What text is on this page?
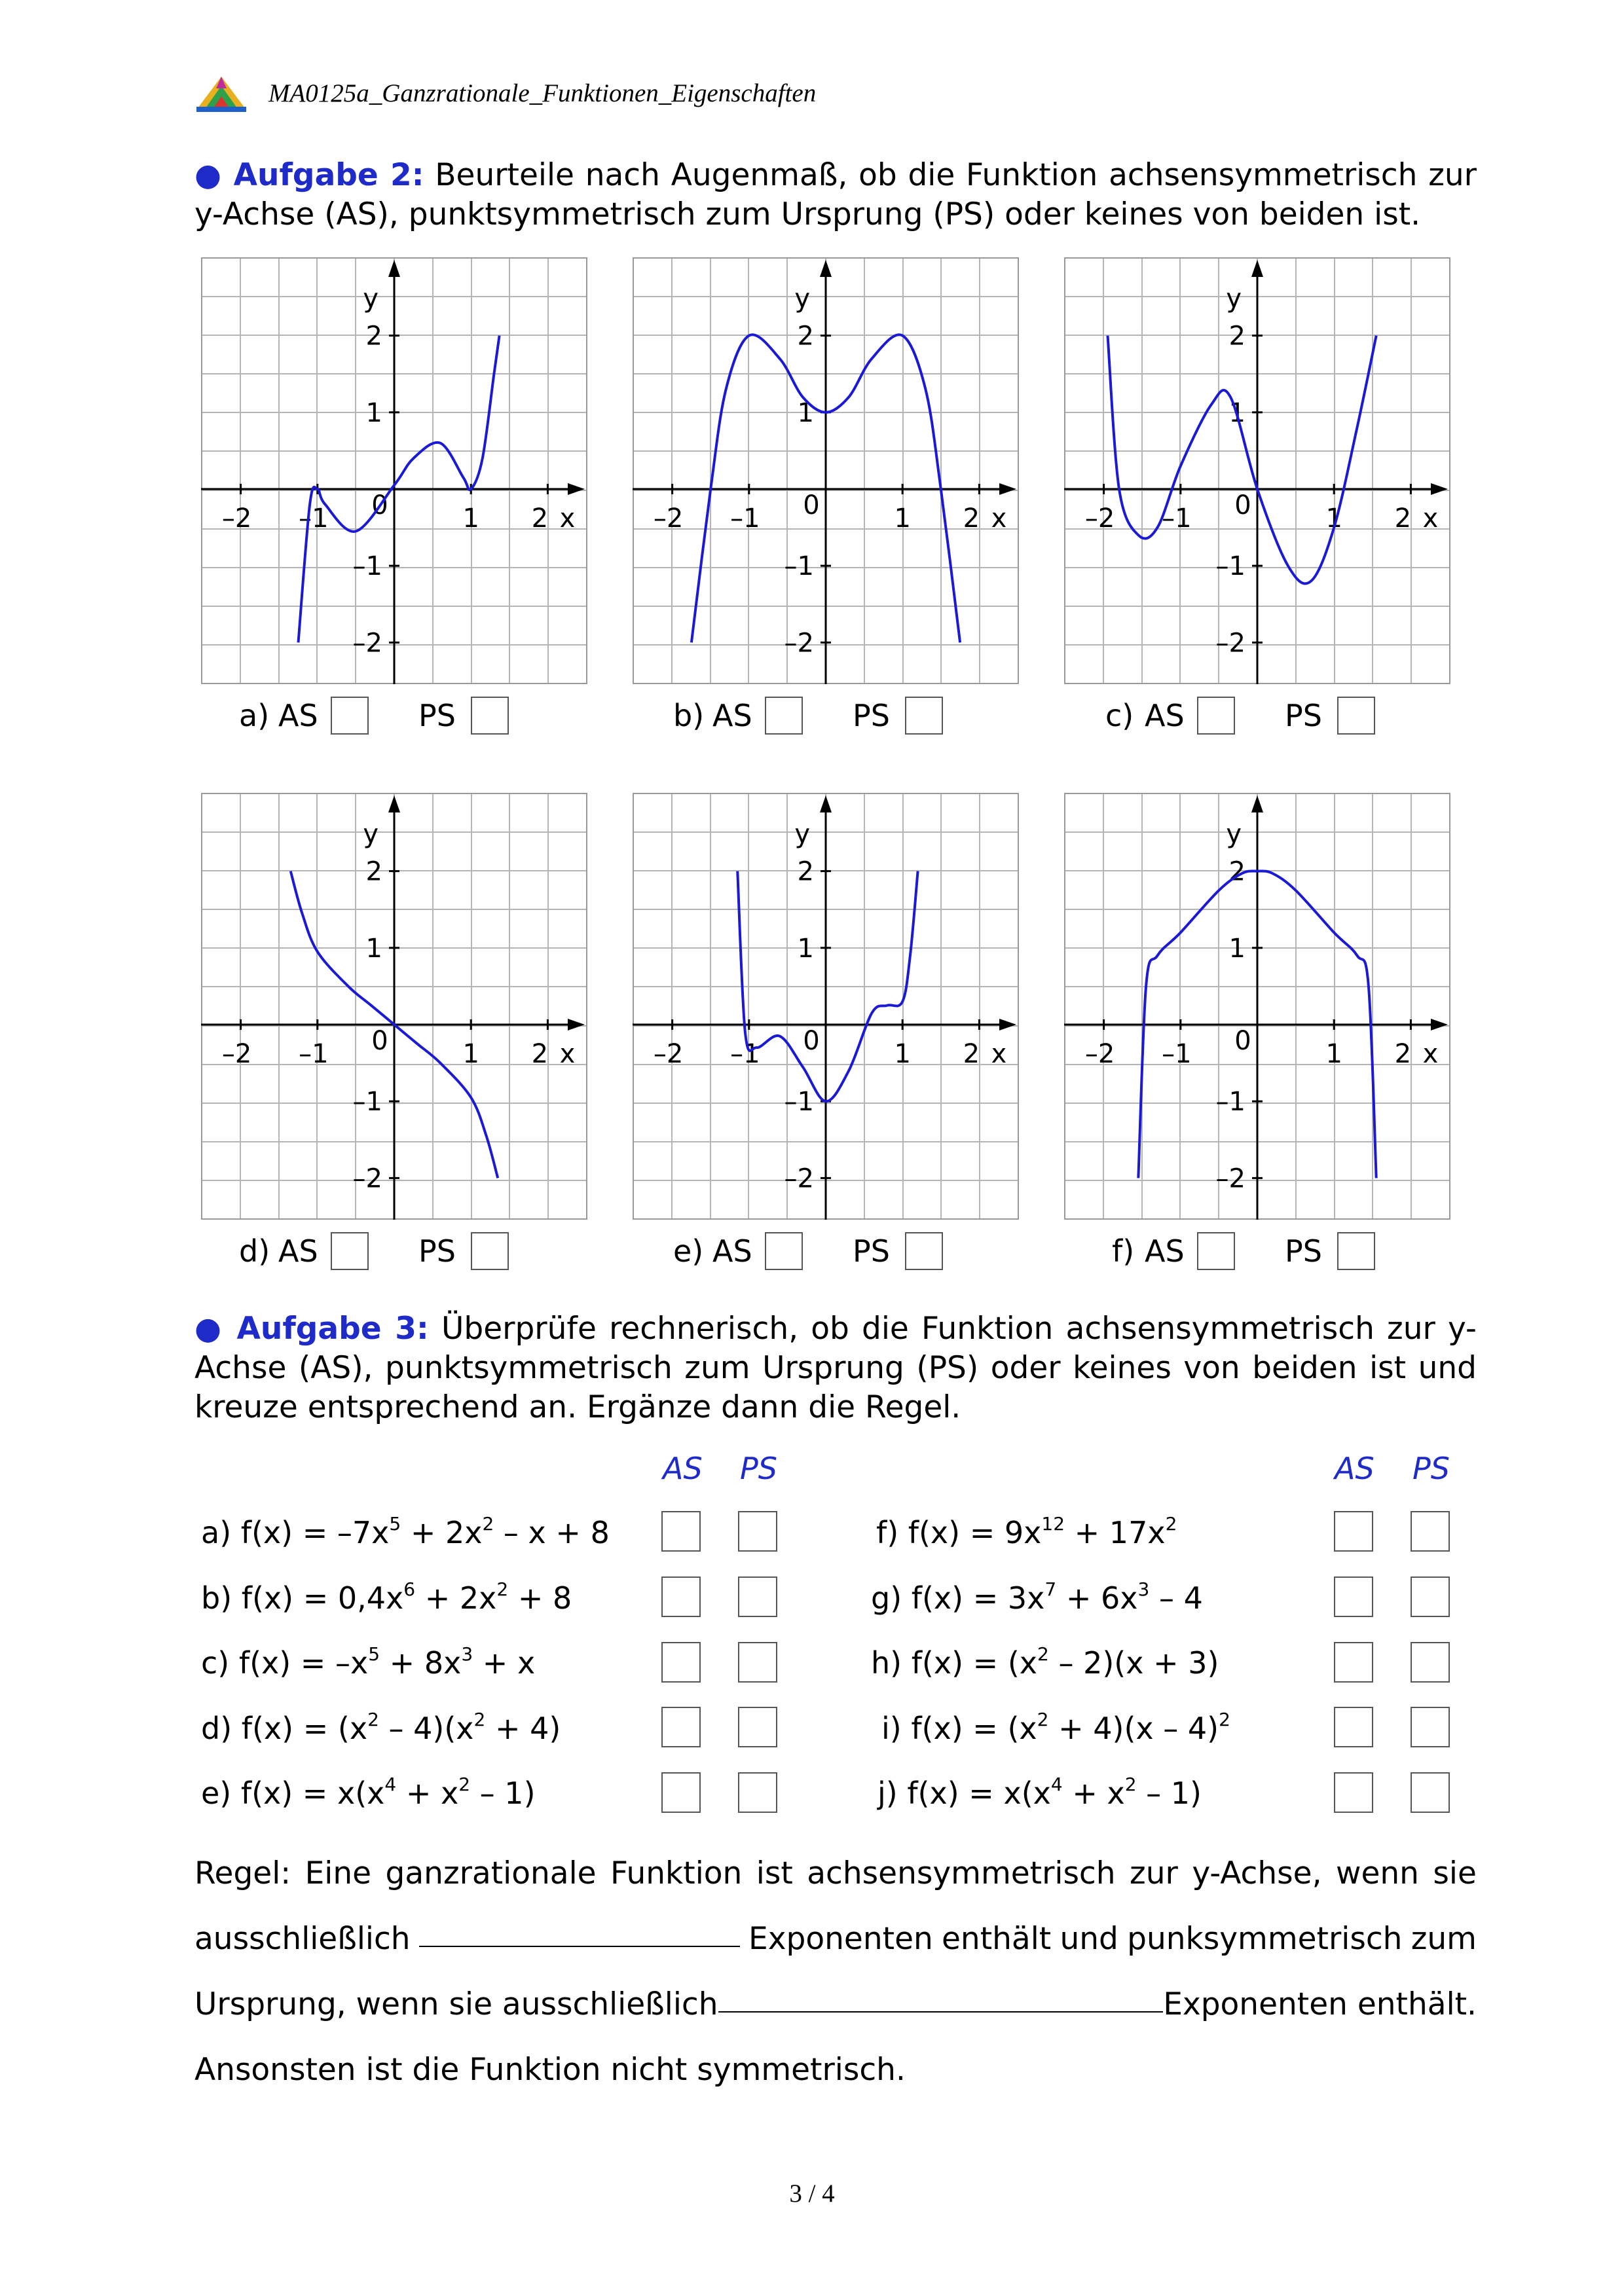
MA0125a_Ganzrationale_Funktionen_Eigenschaften
● Aufgabe 2: Beurteile nach Augenmaß, ob die Funktion achsensymmetrisch zur y-Achse (AS), punktsymmetrisch zum Ursprung (PS) oder keines von beiden ist.
–2 –1 0	1 2 x
y
2
1
–1
–2
–2 –1 0	1 2 x
y
2
1
–1
–2
–2 –1 0	1 2 x
y
2
1
–1
–2
–2 –1 0	1 2 x
y
2
1
–1
–2
–2 –1 0	1 2 x
y
2
1
–1
–2
–2 –1 0	1 2 x
y
2
1
–1
–2
a) AS	PS	b) AS	PS	c) AS	PS
d) AS	PS	e) AS	PS	f) AS	PS
● Aufgabe 3: Überprüfe rechnerisch, ob die Funktion achsensymmetrisch zur y-Achse (AS), punktsymmetrisch zum Ursprung (PS) oder keines von beiden ist und kreuze entsprechend an. Ergänze dann die Regel.
AS PS	AS PS
a) $f(x) = -7x^5 + 2x^2 - x + 8$
b) $f(x) = 0,4x^6 + 2x^2 + 8$
c) $f(x) = -x^5 + 8x^3 + x$
d) $f(x) = (x^2 - 4)(x^2 + 4)$
e) $f(x) = x(x^4 + x^2 - 1)$
f) $f(x) = 9x^{12} + 17x^2$
g) $f(x) = 3x^7 + 6x^3 - 4$
h) $f(x) = (x^2 - 2)(x + 3)$
i) $f(x) = (x^2 + 4)(x - 4)^2$
j) $f(x) = x(x^4 + x^2 - 1)$
Regel: Eine ganzrationale Funktion ist achsensymmetrisch zur y-Achse, wenn sie
ausschließlich	Exponenten enthält und punksymmetrisch zum
Ursprung, wenn sie ausschließlich	Exponenten enthält.
Ansonsten ist die Funktion nicht symmetrisch.
3 / 4
